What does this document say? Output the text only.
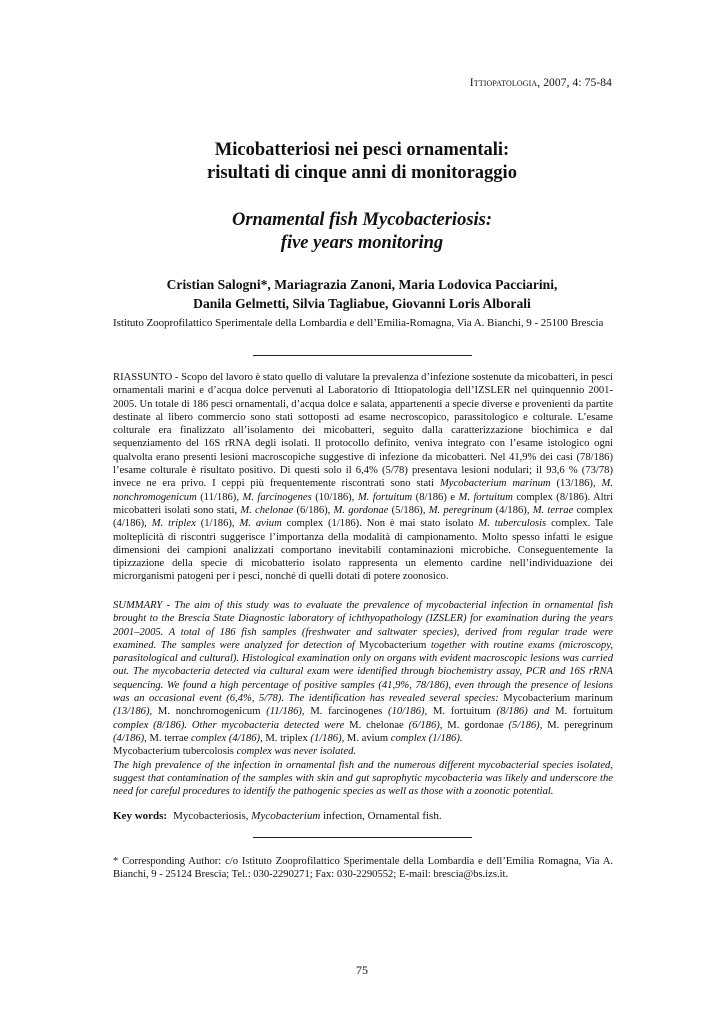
Ittiopatologia, 2007, 4: 75-84
Micobatteriosi nei pesci ornamentali:
risultati di cinque anni di monitoraggio
Ornamental fish Mycobacteriosis:
five years monitoring

Cristian Salogni*, Mariagrazia Zanoni, Maria Lodovica Pacciarini,
Danila Gelmetti, Silvia Tagliabue, Giovanni Loris Alborali

Istituto Zooprofilattico Sperimentale della Lombardia e dell’Emilia-Romagna, Via A. Bianchi, 9 - 25100 Brescia

RIASSUNTO - Scopo del lavoro è stato quello di valutare la prevalenza d’infezione sostenute da micobatteri, in pesci ornamentali marini e d’acqua dolce pervenuti al Laboratorio di Ittiopatologia dell’IZSLER nel quinquennio 2001-2005. Un totale di 186 pesci ornamentali, d’acqua dolce e salata, appartenenti a specie diverse e provenienti da partite destinate al libero commercio sono stati sottoposti ad esame necroscopico, parassitologico e colturale. L’esame colturale era finalizzato all’isolamento dei micobatteri, seguito dalla caratterizzazione biochimica e dal sequenziamento del 16S rRNA degli isolati. Il protocollo definito, veniva integrato con l’esame istologico ogni qualvolta erano presenti lesioni macroscopiche suggestive di infezione da micobatteri. Nel 41,9% dei casi (78/186) l’esame colturale è risultato positivo. Di questi solo il 6,4% (5/78) presentava lesioni nodulari; il 93,6 % (73/78) invece ne era privo. I ceppi più frequentemente riscontrati sono stati Mycobacterium marinum (13/186), M. nonchromogenicum (11/186), M. farcinogenes (10/186), M. fortuitum (8/186) e M. fortuitum complex (8/186). Altri micobatteri isolati sono stati, M. chelonae (6/186), M. gordonae (5/186), M. peregrinum (4/186), M. terrae complex (4/186), M. triplex (1/186), M. avium complex (1/186). Non è mai stato isolato M. tuberculosis complex. Tale molteplicità di riscontri suggerisce l’importanza della modalità di campionamento. Molto spesso infatti le esigue dimensioni dei campioni analizzati comportano inevitabili contaminazioni microbiche. Conseguentemente la tipizzazione della specie di micobatterio isolato rappresenta un elemento cardine nell’individuazione dei microrganismi patogeni per i pesci, nonché di quelli dotati di potere zoonosico.

SUMMARY - The aim of this study was to evaluate the prevalence of mycobacterial infection in ornamental fish brought to the Brescia State Diagnostic laboratory of ichthyopathology (IZSLER) for examination during the years 2001–2005. A total of 186 fish samples (freshwater and saltwater species), derived from regular trade were examined. The samples were analyzed for detection of Mycobacterium together with routine exams (microscopy, parasitological and cultural). Histological examination only on organs with evident macroscopic lesions was carried out. The mycobacteria detected via cultural exam were identified through biochemistry assay, PCR and 16S rRNA sequencing. We found a high percentage of positive samples (41,9%, 78/186), even through the presence of lesions was an occasional event (6,4%, 5/78). The identification has revealed several species: Mycobacterium marinum (13/186), M. nonchromogenicum (11/186), M. farcinogenes (10/186), M. fortuitum (8/186) and M. fortuitum complex (8/186). Other mycobacteria detected were M. chelonae (6/186), M. gordonae (5/186), M. peregrinum (4/186), M. terrae complex (4/186), M. triplex (1/186), M. avium complex (1/186).
Mycobacterium tubercolosis complex was never isolated.
The high prevalence of the infection in ornamental fish and the numerous different mycobacterial species isolated, suggest that contamination of the samples with skin and gut saprophytic mycobacteria was likely and underscore the need for careful procedures to identify the pathogenic species as well as those with a zoonotic potential.

Key words: Mycobacteriosis, Mycobacterium infection, Ornamental fish.
* Corresponding Author: c/o Istituto Zooprofilattico Sperimentale della Lombardia e dell’Emilia Romagna, Via A. Bianchi, 9 - 25124 Brescia; Tel.: 030-2290271; Fax: 030-2290552; E-mail: brescia@bs.izs.it.
75
